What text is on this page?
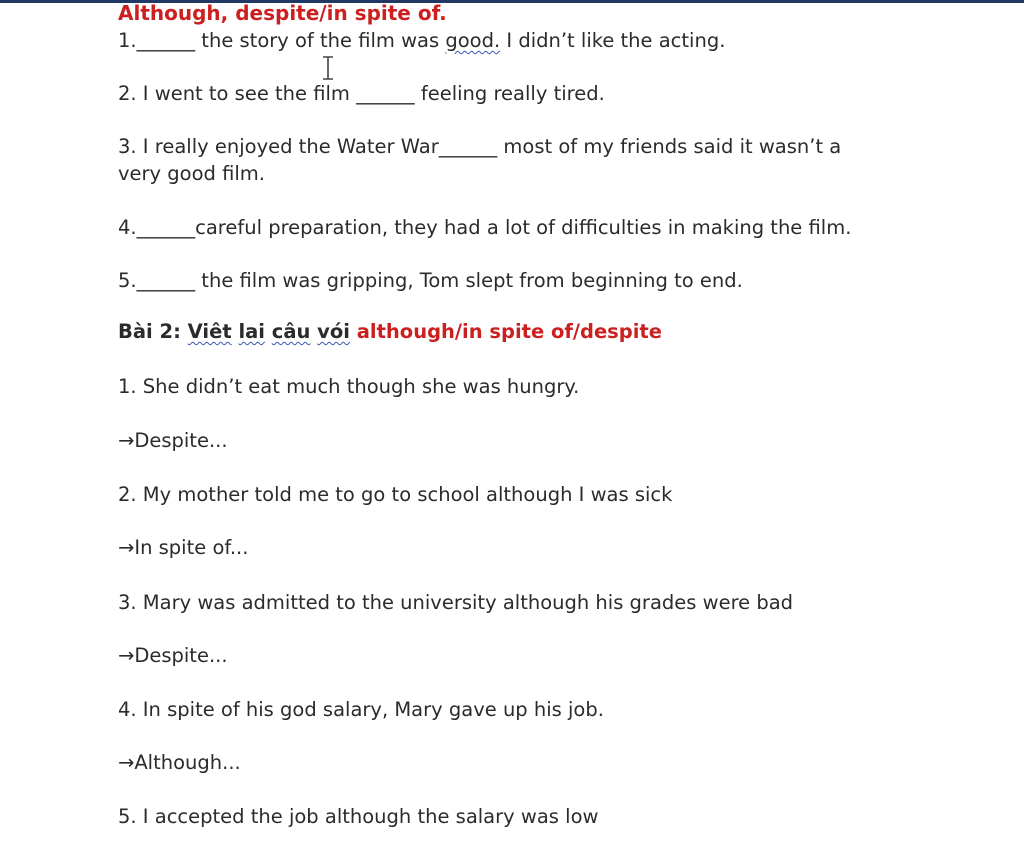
Although, despite/in spite of.
1.______ the story of the film was good. I didn’t like the acting.
2. I went to see the film ______ feeling really tired.
3. I really enjoyed the Water War______ most of my friends said it wasn’t a
very good film.
4.______careful preparation, they had a lot of difficulties in making the film.
5.______ the film was gripping, Tom slept from beginning to end.
Bài 2: Viêt lai câu vói although/in spite of/despite
1. She didn’t eat much though she was hungry.
→Despite...
2. My mother told me to go to school although I was sick
→In spite of...
3. Mary was admitted to the university although his grades were bad
→Despite...
4. In spite of his god salary, Mary gave up his job.
→Although...
5. I accepted the job although the salary was low
